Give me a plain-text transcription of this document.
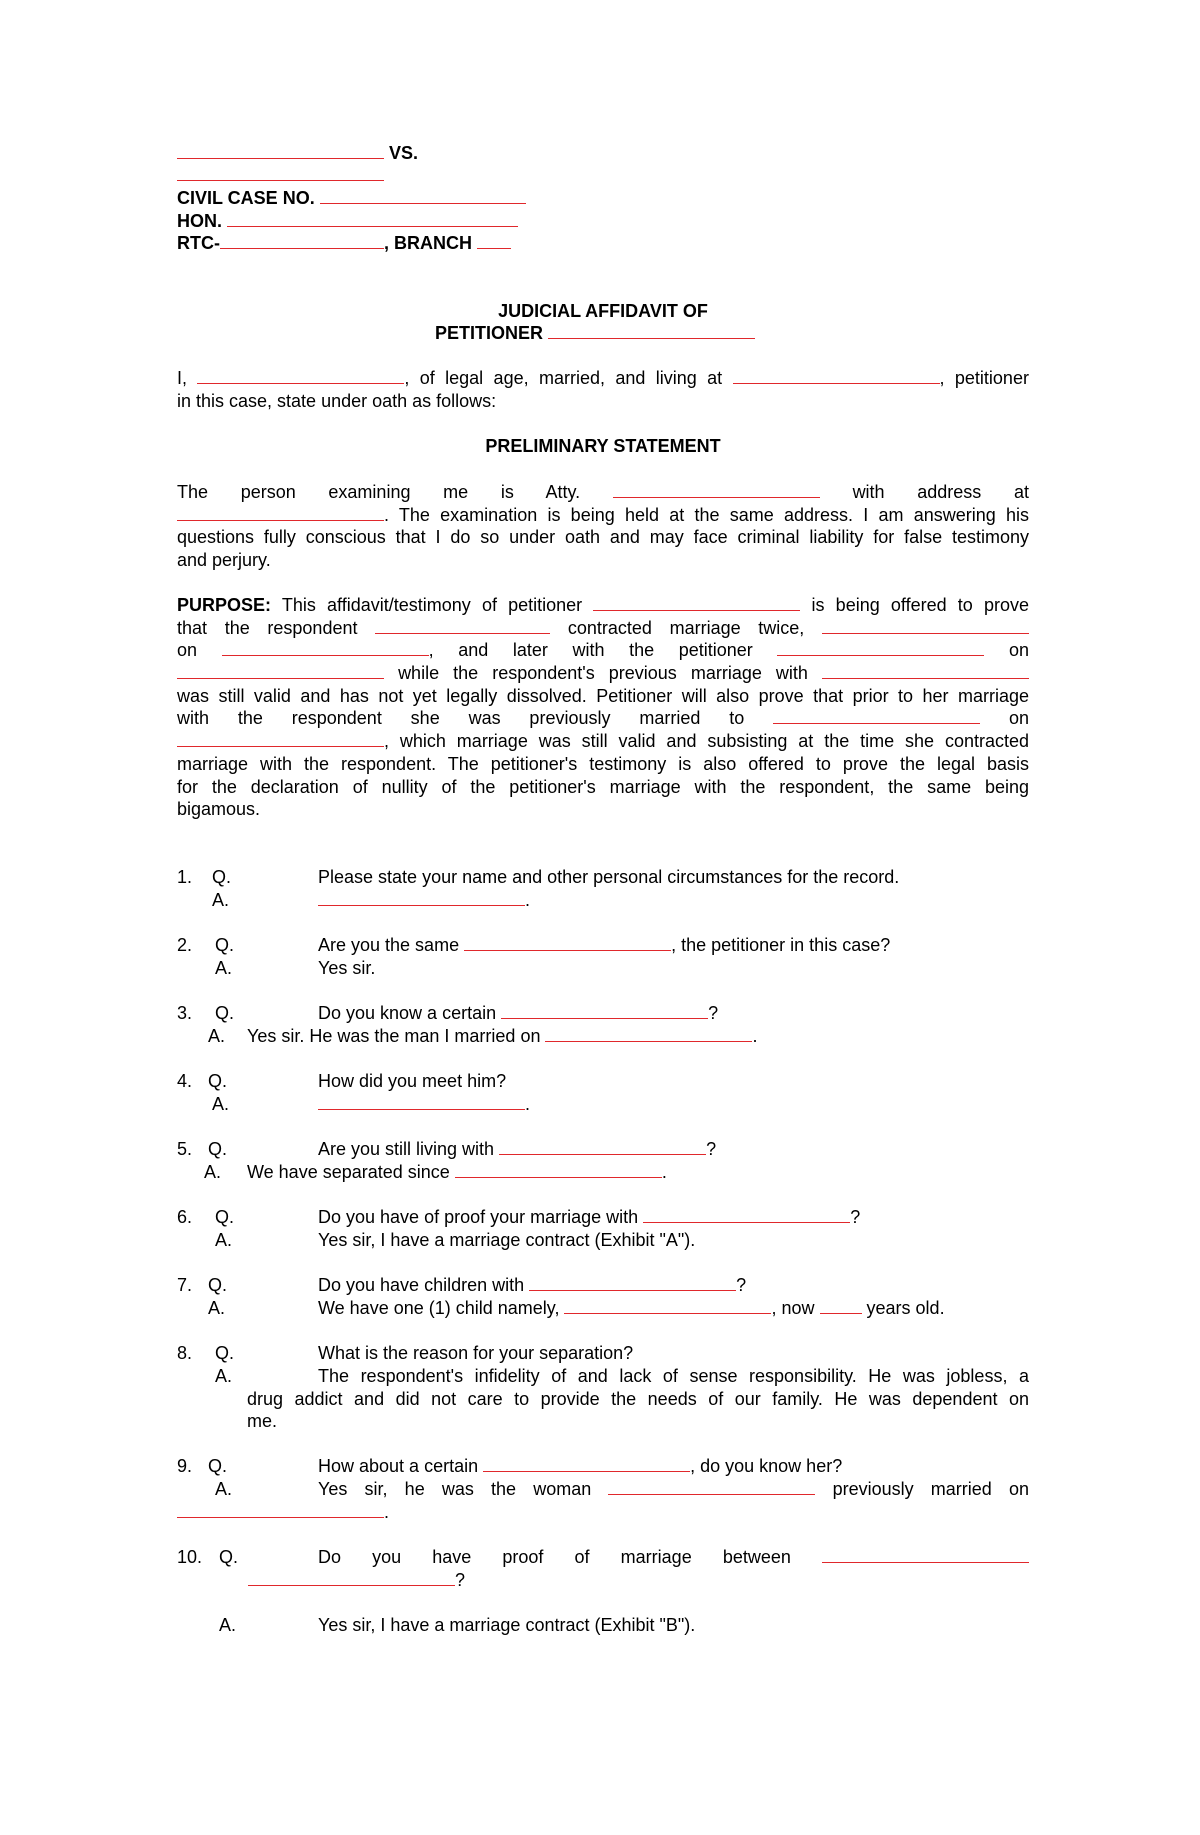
VS.
CIVIL CASE NO.
HON.
RTC-	, BRANCH
JUDICIAL AFFIDAVIT OF
PETITIONER
I,	, of legal age, married, and living at	, petitioner
in this case, state under oath as follows:
PRELIMINARY STATEMENT
The person examining me is Atty.	with address at
. The examination is being held at the same address. I am answering his
questions fully conscious that I do so under oath and may face criminal liability for false testimony
and perjury.
PURPOSE: This affidavit/testimony of petitioner	is being offered to prove
that the respondent	contracted marriage twice,
on	, and later with the petitioner	on
while the respondent's previous marriage with
was still valid and has not yet legally dissolved. Petitioner will also prove that prior to her marriage
with the respondent she was previously married to	on
, which marriage was still valid and subsisting at the time she contracted
marriage with the respondent. The petitioner's testimony is also offered to prove the legal basis
for the declaration of nullity of the petitioner's marriage with the respondent, the same being
bigamous.
1. Q.	Please state your name and other personal circumstances for the record.
A.	.
2. Q.	Are you the same	, the petitioner in this case?
A.	Yes sir.
3. Q.	Do you know a certain	?
A. Yes sir. He was the man I married on	.
4. Q.	How did you meet him?
A.	.
5. Q.	Are you still living with	?
A. We have separated since	.
6. Q.	Do you have of proof your marriage with	?
A.	Yes sir, I have a marriage contract (Exhibit "A").
7. Q.	Do you have children with	?
A.	We have one (1) child namely,	, now	years old.
8. Q.	What is the reason for your separation?
A.	The respondent's infidelity of and lack of sense responsibility. He was jobless, a
drug addict and did not care to provide the needs of our family. He was dependent on
me.
9. Q.	How about a certain	, do you know her?
A.	Yes sir, he was the woman	previously married on
.
10. Q.	Do you have proof of marriage between
?
A.	Yes sir, I have a marriage contract (Exhibit "B").
